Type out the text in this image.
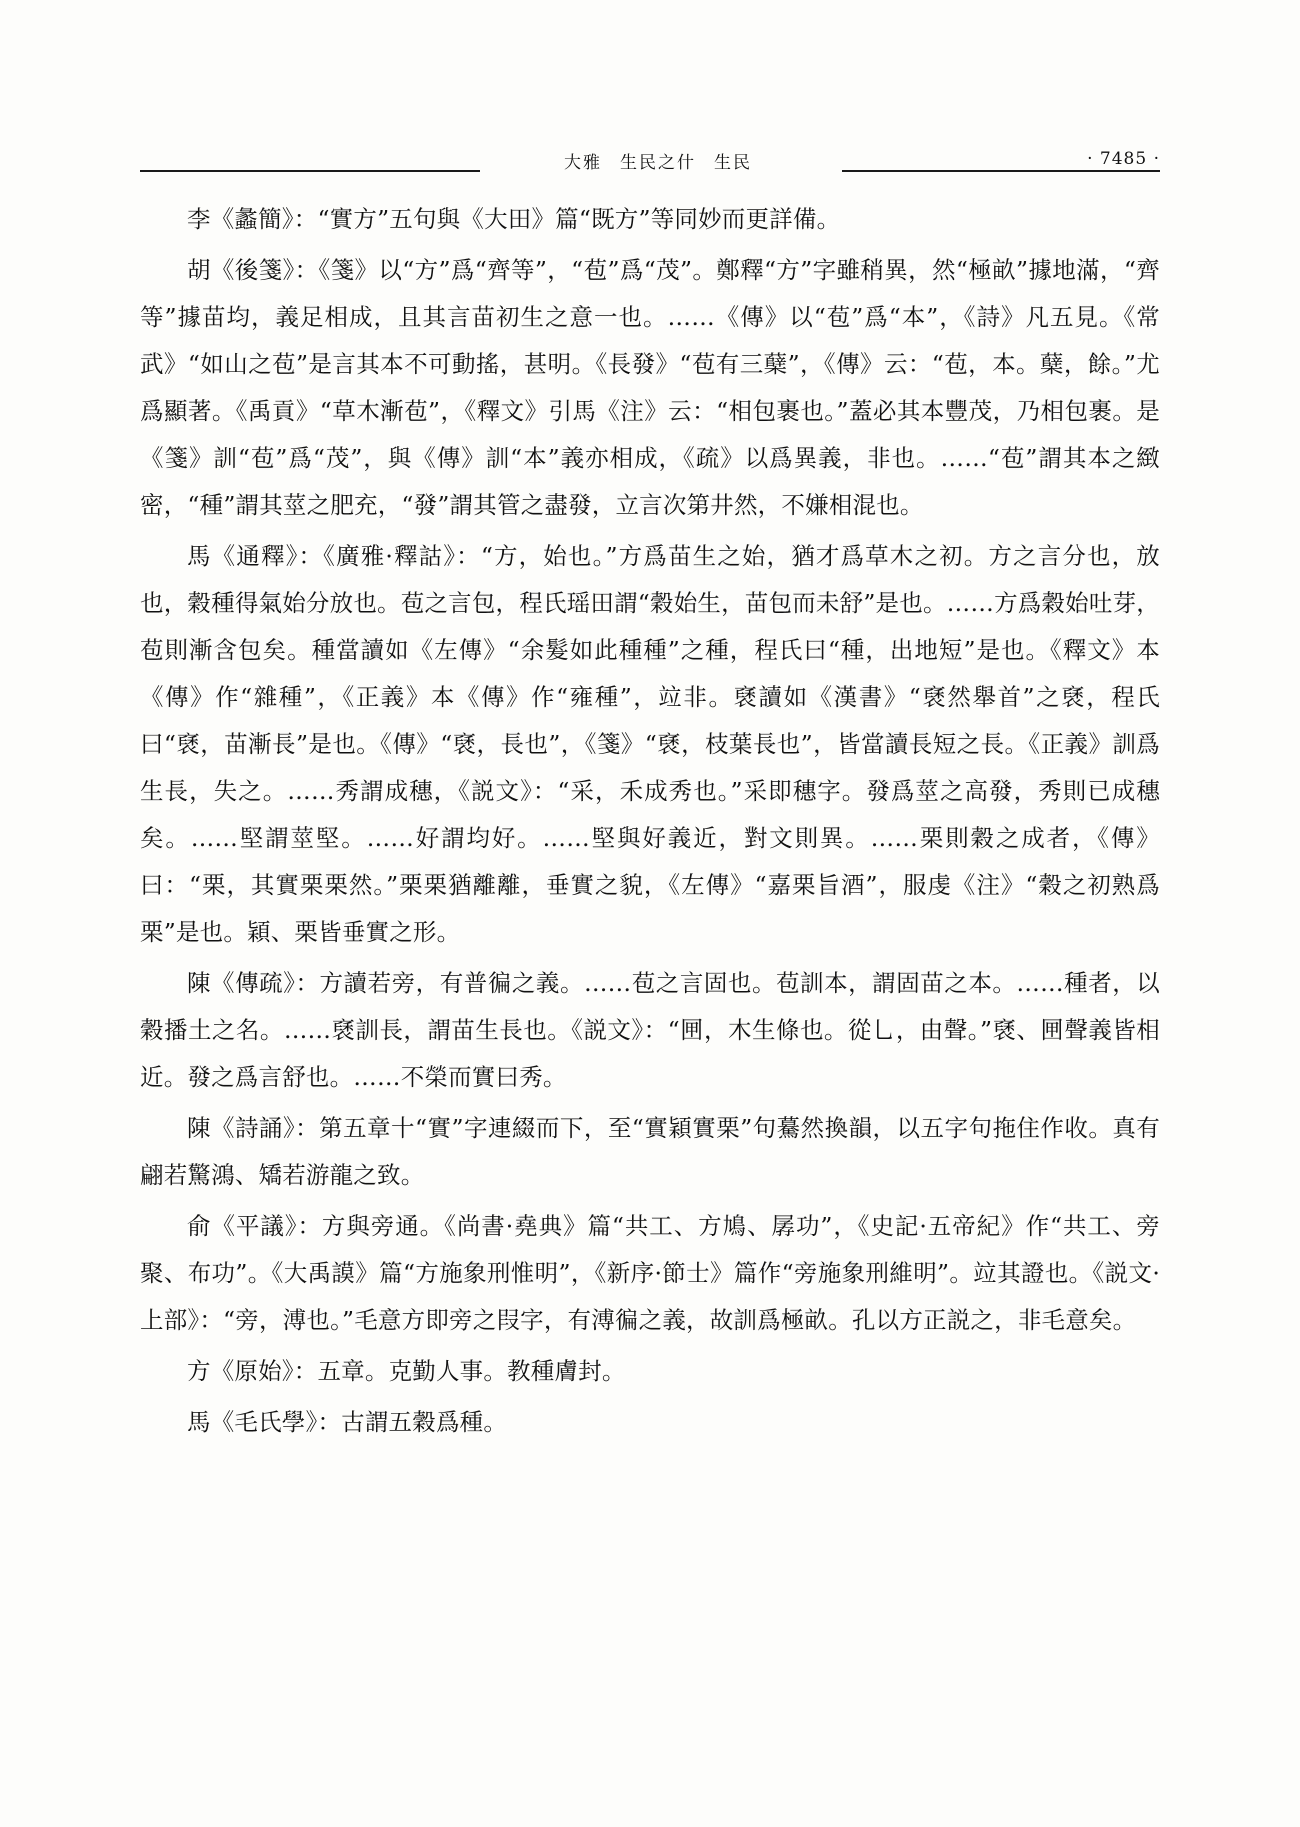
大雅 生民之什 生民	· 7485 ·

李《蠡簡》：“實方”五句與《大田》篇“既方”等同妙而更詳備。

胡《後箋》：《箋》以“方”爲“齊等”，“苞”爲“茂”。鄭釋“方”字雖稍異，然“極畝”據地滿，“齊等”據苗均，義足相成，且其言苗初生之意一也。……《傳》以“苞”爲“本”，《詩》凡五見。《常武》“如山之苞”是言其本不可動搖，甚明。《長發》“苞有三蘖”，《傳》云：“苞，本。蘖，餘。”尤爲顯著。《禹貢》“草木漸苞”，《釋文》引馬《注》云：“相包裹也。”蓋必其本豐茂，乃相包裹。是《箋》訓“苞”爲“茂”，與《傳》訓“本”義亦相成，《疏》以爲異義，非也。……“苞”謂其本之緻密，“種”謂其莖之肥充，“發”謂其管之盡發，立言次第井然，不嫌相混也。

馬《通釋》：《廣雅·釋詁》：“方，始也。”方爲苗生之始，猶才爲草木之初。方之言分也，放也，穀種得氣始分放也。苞之言包，程氏瑶田謂“穀始生，苗包而未舒”是也。……方爲穀始吐芽，苞則漸含包矣。種當讀如《左傳》“余髮如此種種”之種，程氏曰“種，出地短”是也。《釋文》本《傳》作“雜種”，《正義》本《傳》作“雍種”，竝非。褎讀如《漢書》“褎然舉首”之褎，程氏曰“褎，苗漸長”是也。《傳》“褎，長也”，《箋》“褎，枝葉長也”，皆當讀長短之長。《正義》訓爲生長，失之。……秀謂成穗，《説文》：“采，禾成秀也。”采即穗字。發爲莖之高發，秀則已成穗矣。……堅謂莖堅。……好謂均好。……堅與好義近，對文則異。……栗則穀之成者，《傳》曰：“栗，其實栗栗然。”栗栗猶離離，垂實之貌，《左傳》“嘉栗旨酒”，服虔《注》“穀之初熟爲栗”是也。穎、栗皆垂實之形。

陳《傳疏》：方讀若旁，有普徧之義。……苞之言固也。苞訓本，謂固苗之本。……種者，以穀播土之名。……褎訓長，謂苗生長也。《説文》：“㘡，木生條也。從乚，由聲。”褎、㘡聲義皆相近。發之爲言舒也。……不榮而實曰秀。

陳《詩誦》：第五章十“實”字連綴而下，至“實穎實栗”句驀然換韻，以五字句拖住作收。真有翩若驚鴻、矯若游龍之致。

俞《平議》：方與旁通。《尚書·堯典》篇“共工、方鳩、孱功”，《史記·五帝紀》作“共工、旁聚、布功”。《大禹謨》篇“方施象刑惟明”，《新序·節士》篇作“旁施象刑維明”。竝其證也。《説文·上部》：“旁，溥也。”毛意方即旁之叚字，有溥徧之義，故訓爲極畝。孔以方正説之，非毛意矣。

方《原始》：五章。克勤人事。教種膚封。

馬《毛氏學》：古謂五穀爲種。
